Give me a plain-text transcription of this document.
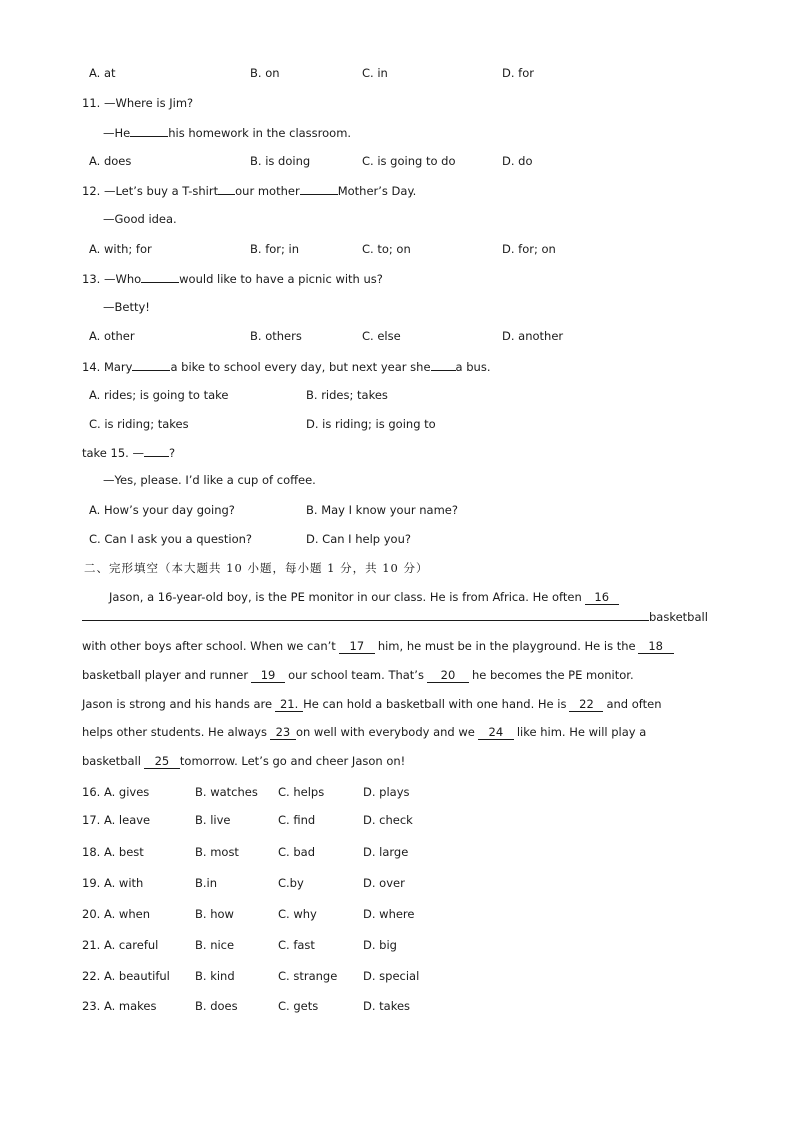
A. at	B. on	C. in	D. for
11. —Where is Jim?
—He	his homework in the classroom.
A. does	B. is doing	C. is going to do	D. do
12. —Let’s buy a T-shirt our mother	Mother’s Day.
—Good idea.
A. with; for	B. for; in	C. to; on	D. for; on
13. —Who	would like to have a picnic with us?
—Betty!
A. other	B. others	C. else	D. another
14. Mary	a bike to school every day, but next year she a bus.
A. rides; is going to take	B. rides; takes
C. is riding; takes	D. is riding; is going to
take 15. — ?
—Yes, please. I’d like a cup of coffee.
A. How’s your day going?	B. May I know your name?
C. Can I ask you a question?	D. Can I help you?
二、完形填空（本大题共 10 小题，每小题 1 分，共 10 分）
Jason, a 16-year-old boy, is the PE monitor in our class. He is from Africa. He often 16
basketball
with other boys after school. When we can’t 17 him, he must be in the playground. He is the 18
basketball player and runner 19 our school team. That’s 20 he becomes the PE monitor.
Jason is strong and his hands are 21. He can hold a basketball with one hand. He is 22 and often
helps other students. He always 23 on well with everybody and we 24 like him. He will play a
basketball 25 tomorrow. Let’s go and cheer Jason on!
16. A. gives	B. watches C. helps	D. plays
17. A. leave	B. live	C. find	D. check
18. A. best	B. most	C. bad	D. large
19. A. with	B.in	C.by	D. over
20. A. when	B. how	C. why	D. where
21. A. careful	B. nice	C. fast	D. big
22. A. beautiful B. kind	C. strange D. special
23. A. makes	B. does	C. gets	D. takes
